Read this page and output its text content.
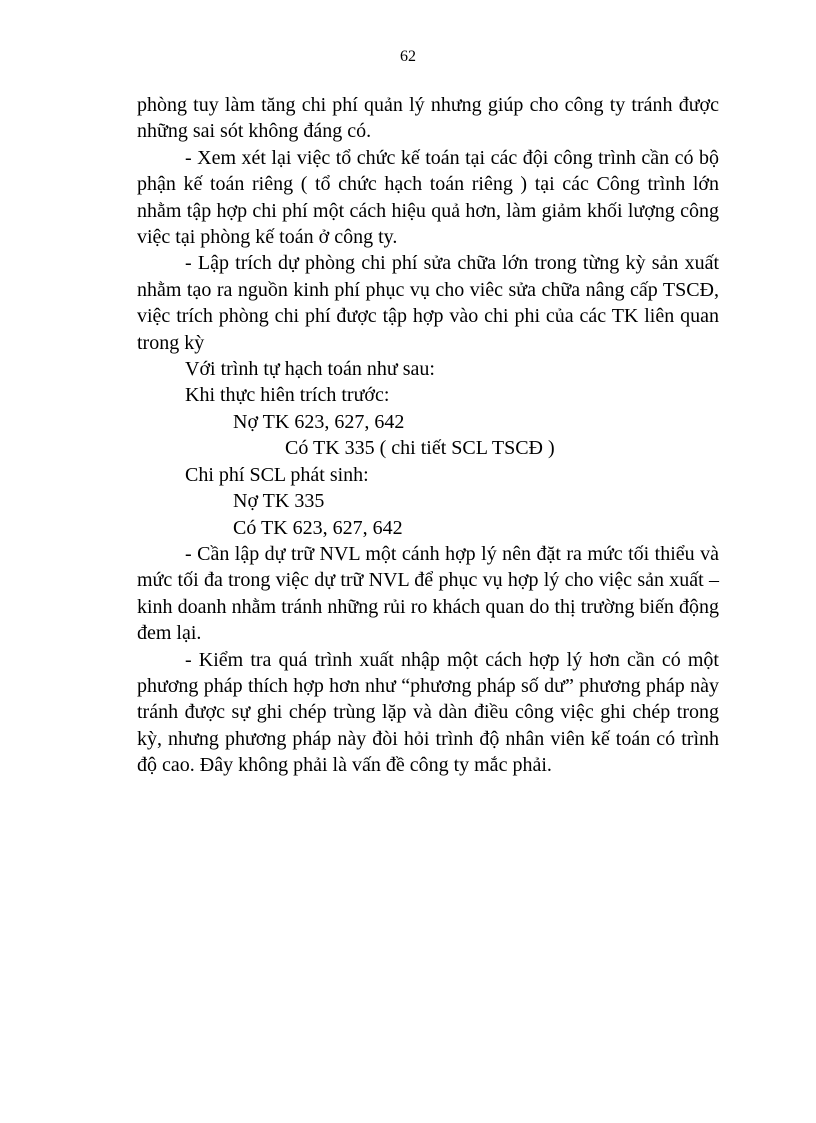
62

phòng tuy làm tăng chi phí quản lý nhưng giúp cho công ty tránh được những sai sót không đáng có.

- Xem xét lại việc tổ chức kế toán tại các đội công trình cần có bộ phận kế toán riêng ( tổ chức hạch toán riêng ) tại các Công trình lớn nhằm tập hợp chi phí một cách hiệu quả hơn, làm giảm khối lượng công việc tại phòng kế toán ở công ty.

- Lập trích dự phòng chi phí sửa chữa lớn trong từng kỳ sản xuất nhằm tạo ra nguồn kinh phí phục vụ cho viêc sửa chữa nâng cấp TSCĐ, việc trích phòng chi phí được tập hợp vào chi phi của các TK liên quan trong kỳ

Với trình tự hạch toán như sau:

Khi thực hiên trích trước:

Nợ TK 623, 627, 642

Có TK 335 ( chi tiết SCL TSCĐ )

Chi phí SCL phát sinh:

Nợ TK 335

Có TK 623, 627, 642

- Cần lập dự trữ NVL một cánh hợp lý nên đặt ra mức tối thiểu và mức tối đa trong việc dự trữ NVL để phục vụ hợp lý cho việc sản xuất – kinh doanh nhằm tránh những rủi ro khách quan do thị trường biến động đem lại.

- Kiểm tra quá trình xuất nhập một cách hợp lý hơn cần có một phương pháp thích hợp hơn như “phương pháp số dư” phương pháp này tránh được sự ghi chép trùng lặp và dàn điều công việc ghi chép trong kỳ, nhưng phương pháp này đòi hỏi trình độ nhân viên kế toán có trình độ cao. Đây không phải là vấn đề công ty mắc phải.
